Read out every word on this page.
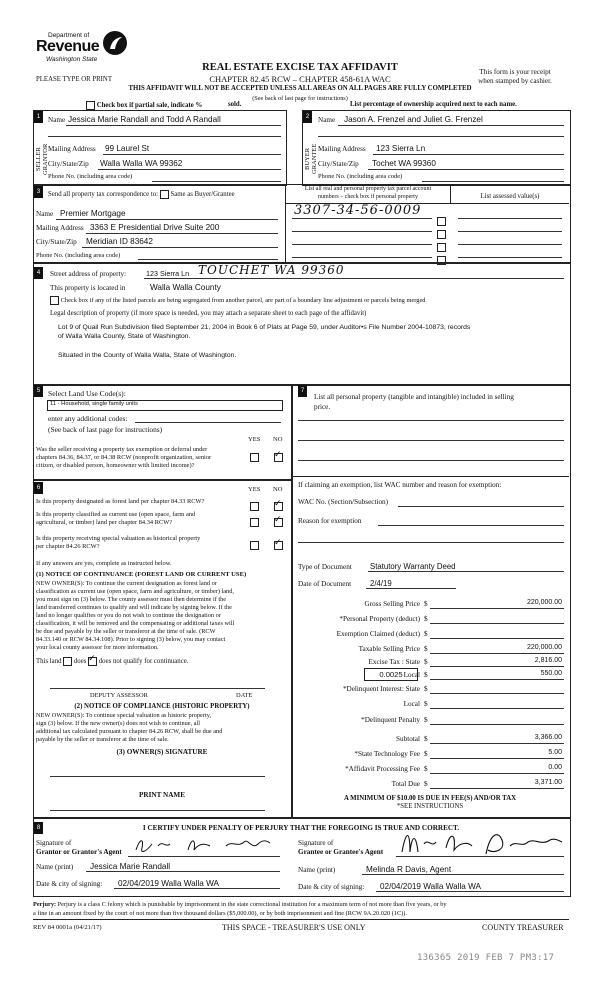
Department of
Revenue
Washington State
REAL ESTATE EXCISE TAX AFFIDAVIT
CHAPTER 82.45 RCW – CHAPTER 458-61A WAC
THIS AFFIDAVIT WILL NOT BE ACCEPTED UNLESS ALL AREAS ON ALL PAGES ARE FULLY COMPLETED
(See back of last page for instructions)
PLEASE TYPE OR PRINT
This form is your receipt
when stamped by cashier.
Check box if partial sale, indicate %	sold.	List percentage of ownership acquired next to each name.
1	2
SELLER GRANTOR	BUYER GRANTEE
Name Jessica Marie Randall and Todd A Randall
Mailing Address 99 Laurel St
City/State/Zip Walla Walla WA 99362
Phone No. (including area code)
Name Jason A. Frenzel and Juliet G. Frenzel
Mailing Address 123 Sierra Ln
City/State/Zip Tochet WA 99360
Phone No. (including area code)
3	Send all property tax correspondence to: Same as Buyer/Grantee
Name Premier Mortgage
Mailing Address 3363 E Presidential Drive Suite 200
City/State/Zip Meridian ID 83642
Phone No. (including area code)
List all real and personal property tax parcel account
numbers – check box if personal property	List assessed value(s)
3307-34-56-0009
4	Street address of property:	123 Sierra Ln TOUCHET WA 99360
This property is located in	Walla Walla County
Check box if any of the listed parcels are being segregated from another parcel, are part of a boundary line adjustment or parcels being merged
Legal description of property (if more space is needed, you may attach a separate sheet to each page of the affidavit)
Lot 9 of Quail Run Subdivision filed September 21, 2004 in Book 6 of Plats at Page 59, under Auditor•s File Number 2004-10873, records
of Walla Walla County, State of Washington.
Situated in the County of Walla Walla, State of Washington.
5	Select Land Use Code(s):
11 - Household, single family units
enter any additional codes:
(See back of last page for instructions)
YES NO
Was the seller receiving a property tax exemption or deferral under
chapters 84.36, 84.37, or 84.38 RCW (nonprofit organization, senior
citizen, or disabled person, homeowner with limited income)?
✓
6	YES NO
Is this property designated as forest land per chapter 84.33 RCW?
✓
Is this property classified as current use (open space, farm and
agricultural, or timber) land per chapter 84.34 RCW?
✓
Is this property receiving special valuation as historical property
per chapter 84.26 RCW?
✓
If any answers are yes, complete as instructed below.
(1) NOTICE OF CONTINUANCE (FOREST LAND OR CURRENT USE)
NEW OWNER(S): To continue the current designation as forest land or
classification as current use (open space, farm and agriculture, or timber) land,
you must sign on (3) below. The county assessor must then determine if the
land transferred continues to qualify and will indicate by signing below. If the
land no longer qualifies or you do not wish to continue the designation or
classification, it will be removed and the compensating or additional taxes will
be due and payable by the seller or transferor at the time of sale. (RCW
84.33.140 or RCW 84.34.108). Prior to signing (3) below, you may contact
your local county assessor for more information.
This land does ✓ does not qualify for continuance.
DEPUTY ASSESSOR	DATE
(2) NOTICE OF COMPLIANCE (HISTORIC PROPERTY)
NEW OWNER(S): To continue special valuation as historic property,
sign (3) below. If the new owner(s) does not wish to continue, all
additional tax calculated pursuant to chapter 84.26 RCW, shall be due and
payable by the seller or transferor at the time of sale.
(3) OWNER(S) SIGNATURE
PRINT NAME
7
List all personal property (tangible and intangible) included in selling
price.
If claiming an exemption, list WAC number and reason for exemption:
WAC No. (Section/Subsection)
Reason for exemption
Type of Document Statutory Warranty Deed
Date of Document 2/4/19
Gross Selling Price $	220,000.00
*Personal Property (deduct) $
Exemption Claimed (deduct) $
Taxable Selling Price $	220,000.00
Excise Tax : State $	2,816.00
0.0025 Local $	550.00
*Delinquent Interest: State $
Local $
*Delinquent Penalty $
Subtotal $	3,366.00
*State Technology Fee $	5.00
*Affidavit Processing Fee $	0.00
Total Due $	3,371.00
A MINIMUM OF $10.00 IS DUE IN FEE(S) AND/OR TAX
*SEE INSTRUCTIONS
8	I CERTIFY UNDER PENALTY OF PERJURY THAT THE FOREGOING IS TRUE AND CORRECT.
Signature of
Grantor or Grantor's Agent
Name (print) Jessica Marie Randall
Date & city of signing: 02/04/2019 Walla Walla WA
Signature of
Grantee or Grantee's Agent
Name (print)	Melinda R Davis, Agent
Date & city of signing: 02/04/2019 Walla Walla WA
Perjury: Perjury is a class C felony which is punishable by imprisonment in the state correctional institution for a maximum term of not more than five years, or by
a fine in an amount fixed by the court of not more than five thousand dollars ($5,000.00), or by both imprisonment and fine (RCW 9A.20.020 (1C)).
REV 84 0001a (04/21/17)	THIS SPACE - TREASURER'S USE ONLY	COUNTY TREASURER
136365 2019 FEB 7 PM3:17
